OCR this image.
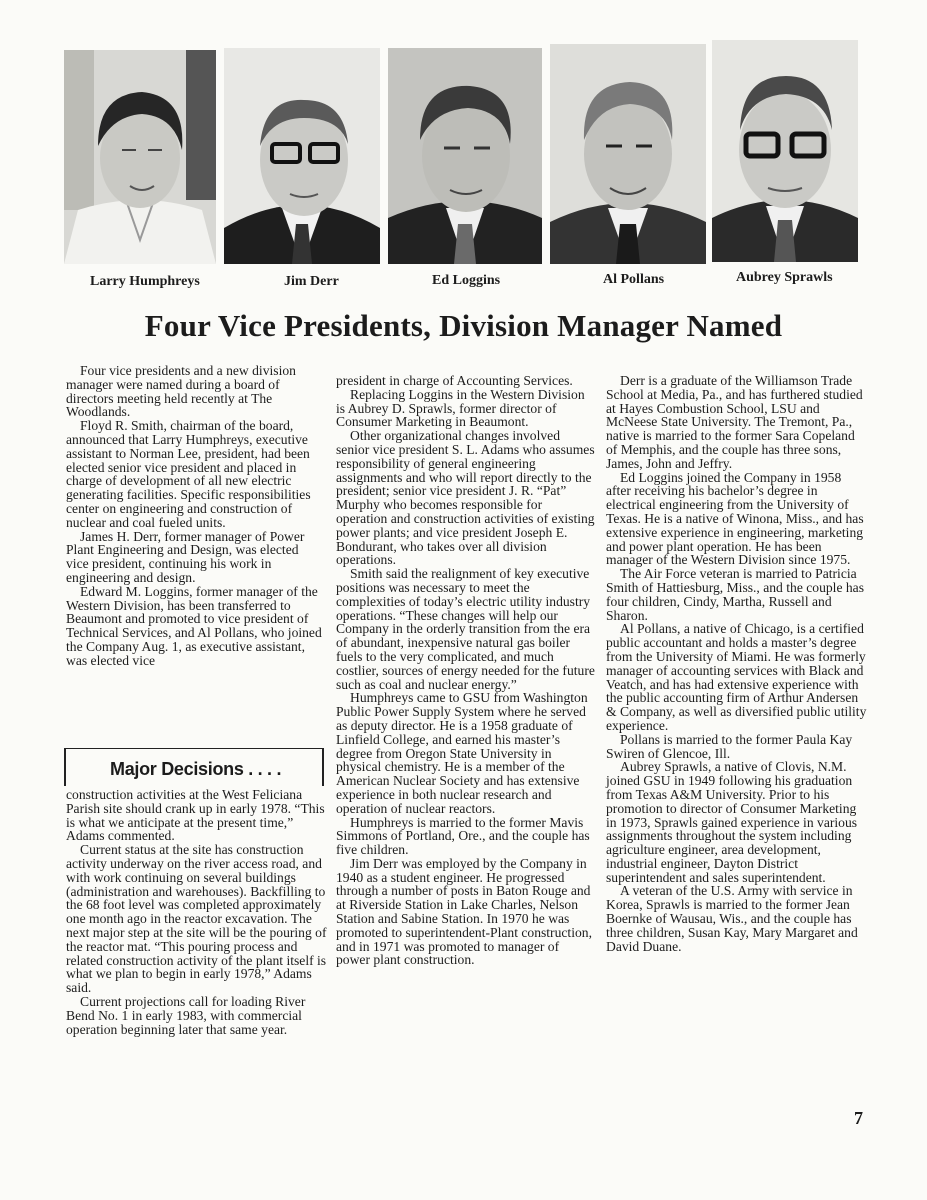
Larry Humphreys	Jim Derr	Ed Loggins	Al Pollans	Aubrey Sprawls
Four Vice Presidents, Division Manager Named

Four vice presidents and a new division manager were named during a board of directors meeting held recently at The Woodlands.

Floyd R. Smith, chairman of the board, announced that Larry Humphreys, executive assistant to Norman Lee, president, had been elected senior vice president and placed in charge of development of all new electric generating facilities. Specific responsibilities center on engineering and construction of nuclear and coal fueled units.

James H. Derr, former manager of Power Plant Engineering and Design, was elected vice president, continuing his work in engineering and design.

Edward M. Loggins, former manager of the Western Division, has been transferred to Beaumont and promoted to vice president of Technical Services, and Al Pollans, who joined the Company Aug. 1, as executive assistant, was elected vice

Major Decisions . . . .

construction activities at the West Feliciana Parish site should crank up in early 1978. “This is what we anticipate at the present time,” Adams commented.

Current status at the site has construction activity underway on the river access road, and with work continuing on several buildings (administration and warehouses). Backfilling to the 68 foot level was completed approximately one month ago in the reactor excavation. The next major step at the site will be the pouring of the reactor mat. “This pouring process and related construction activity of the plant itself is what we plan to begin in early 1978,” Adams said.

Current projections call for loading River Bend No. 1 in early 1983, with commercial operation beginning later that same year.

president in charge of Accounting Services.

Replacing Loggins in the Western Division is Aubrey D. Sprawls, former director of Consumer Marketing in Beaumont.

Other organizational changes involved senior vice president S. L. Adams who assumes responsibility of general engineering assignments and who will report directly to the president; senior vice president J. R. “Pat” Murphy who becomes responsible for operation and construction activities of existing power plants; and vice president Joseph E. Bondurant, who takes over all division operations.

Smith said the realignment of key executive positions was necessary to meet the complexities of today’s electric utility industry operations. “These changes will help our Company in the orderly transition from the era of abundant, inexpensive natural gas boiler fuels to the very complicated, and much costlier, sources of energy needed for the future such as coal and nuclear energy.”

Humphreys came to GSU from Washington Public Power Supply System where he served as deputy director. He is a 1958 graduate of Linfield College, and earned his master’s degree from Oregon State University in physical chemistry. He is a member of the American Nuclear Society and has extensive experience in both nuclear research and operation of nuclear reactors.

Humphreys is married to the former Mavis Simmons of Portland, Ore., and the couple has five children.

Jim Derr was employed by the Company in 1940 as a student engineer. He progressed through a number of posts in Baton Rouge and at Riverside Station in Lake Charles, Nelson Station and Sabine Station. In 1970 he was promoted to superintendent-Plant construction, and in 1971 was promoted to manager of power plant construction.

Derr is a graduate of the Williamson Trade School at Media, Pa., and has furthered studied at Hayes Combustion School, LSU and McNeese State University. The Tremont, Pa., native is married to the former Sara Copeland of Memphis, and the couple has three sons, James, John and Jeffry.

Ed Loggins joined the Company in 1958 after receiving his bachelor’s degree in electrical engineering from the University of Texas. He is a native of Winona, Miss., and has extensive experience in engineering, marketing and power plant operation. He has been manager of the Western Division since 1975.

The Air Force veteran is married to Patricia Smith of Hattiesburg, Miss., and the couple has four children, Cindy, Martha, Russell and Sharon.

Al Pollans, a native of Chicago, is a certified public accountant and holds a master’s degree from the University of Miami. He was formerly manager of accounting services with Black and Veatch, and has had extensive experience with the public accounting firm of Arthur Andersen & Company, as well as diversified public utility experience.

Pollans is married to the former Paula Kay Swiren of Glencoe, Ill.

Aubrey Sprawls, a native of Clovis, N.M. joined GSU in 1949 following his graduation from Texas A&M University. Prior to his promotion to director of Consumer Marketing in 1973, Sprawls gained experience in various assignments throughout the system including agriculture engineer, area development, industrial engineer, Dayton District superintendent and sales superintendent.

A veteran of the U.S. Army with service in Korea, Sprawls is married to the former Jean Boernke of Wausau, Wis., and the couple has three children, Susan Kay, Mary Margaret and David Duane.

7
